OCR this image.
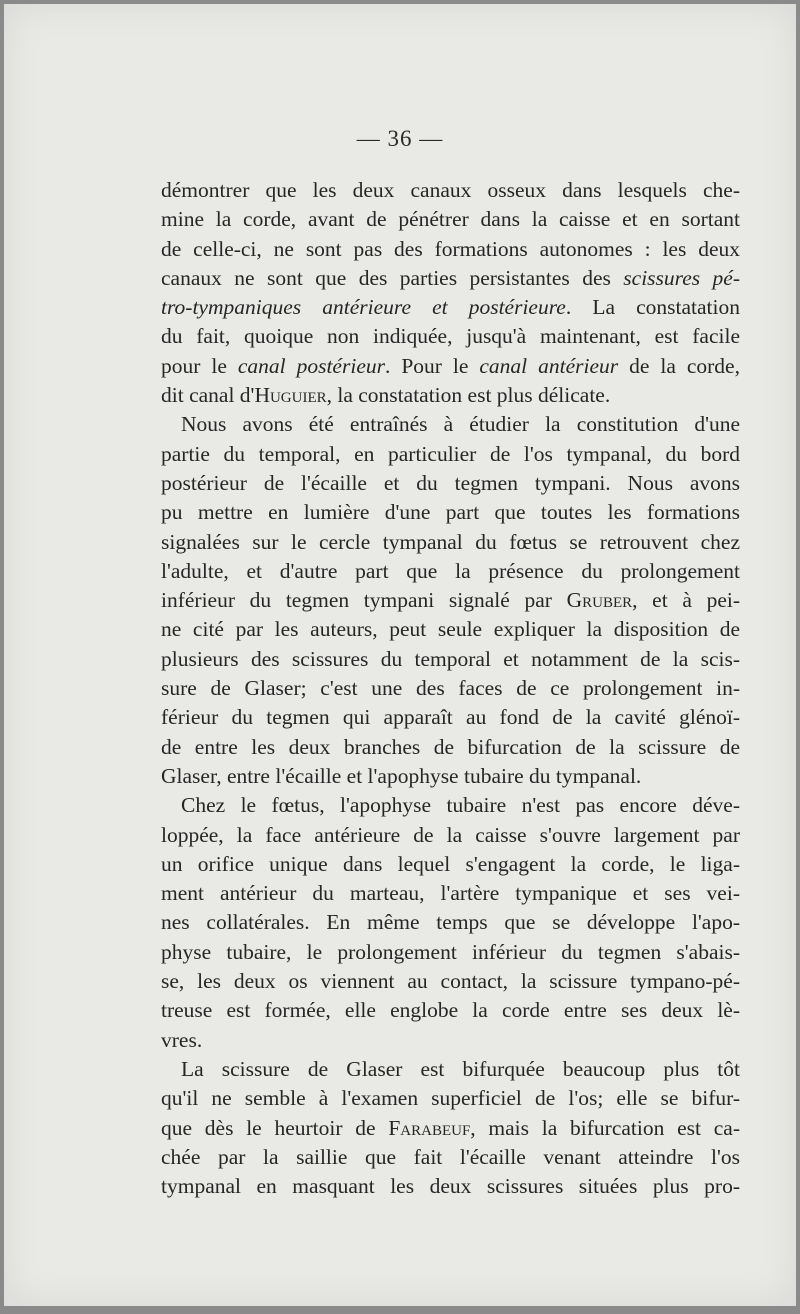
— 36 —
démontrer que les deux canaux osseux dans lesquels che-
mine la corde, avant de pénétrer dans la caisse et en sortant
de celle-ci, ne sont pas des formations autonomes : les deux
canaux ne sont que des parties persistantes des scissures pé-
tro-tympaniques antérieure et postérieure. La constatation
du fait, quoique non indiquée, jusqu'à maintenant, est facile
pour le canal postérieur. Pour le canal antérieur de la corde,
dit canal d'Huguier, la constatation est plus délicate.
Nous avons été entraînés à étudier la constitution d'une
partie du temporal, en particulier de l'os tympanal, du bord
postérieur de l'écaille et du tegmen tympani. Nous avons
pu mettre en lumière d'une part que toutes les formations
signalées sur le cercle tympanal du fœtus se retrouvent chez
l'adulte, et d'autre part que la présence du prolongement
inférieur du tegmen tympani signalé par Gruber, et à pei-
ne cité par les auteurs, peut seule expliquer la disposition de
plusieurs des scissures du temporal et notamment de la scis-
sure de Glaser; c'est une des faces de ce prolongement in-
férieur du tegmen qui apparaît au fond de la cavité glénoï-
de entre les deux branches de bifurcation de la scissure de
Glaser, entre l'écaille et l'apophyse tubaire du tympanal.
Chez le fœtus, l'apophyse tubaire n'est pas encore déve-
loppée, la face antérieure de la caisse s'ouvre largement par
un orifice unique dans lequel s'engagent la corde, le liga-
ment antérieur du marteau, l'artère tympanique et ses vei-
nes collatérales. En même temps que se développe l'apo-
physe tubaire, le prolongement inférieur du tegmen s'abais-
se, les deux os viennent au contact, la scissure tympano-pé-
treuse est formée, elle englobe la corde entre ses deux lè-
vres.
La scissure de Glaser est bifurquée beaucoup plus tôt
qu'il ne semble à l'examen superficiel de l'os; elle se bifur-
que dès le heurtoir de Farabeuf, mais la bifurcation est ca-
chée par la saillie que fait l'écaille venant atteindre l'os
tympanal en masquant les deux scissures situées plus pro-
